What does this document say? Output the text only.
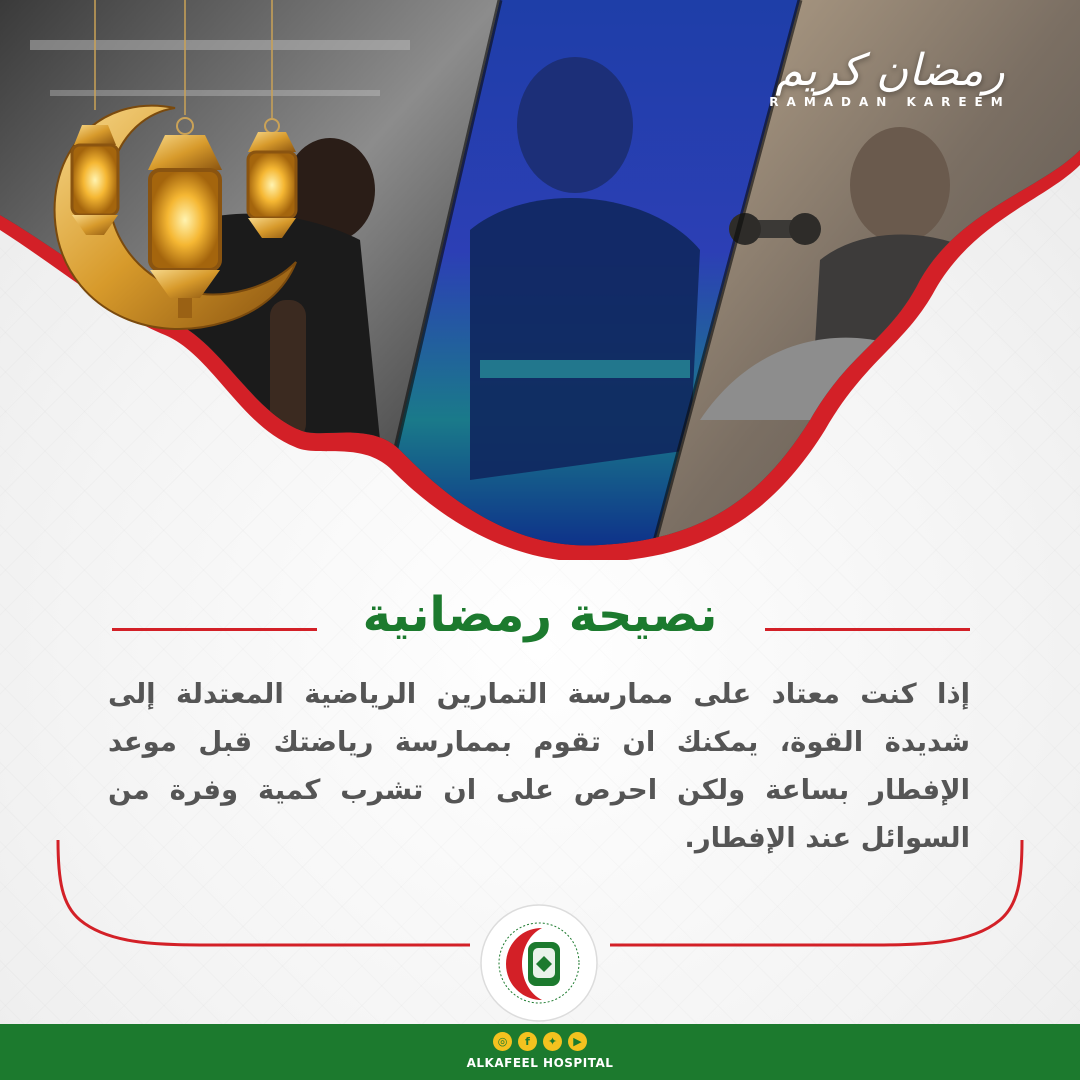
رمضان كريم
RAMADAN KAREEM
نصيحة رمضانية
إذا كنت معتاد على ممارسة التمارين الرياضية المعتدلة إلى شديدة القوة، يمكنك ان تقوم بممارسة رياضتك قبل موعد الإفطار بساعة ولكن احرص على ان تشرب كمية وفرة من السوائل عند الإفطار.
◎	f	✦	▶
ALKAFEEL HOSPITAL
